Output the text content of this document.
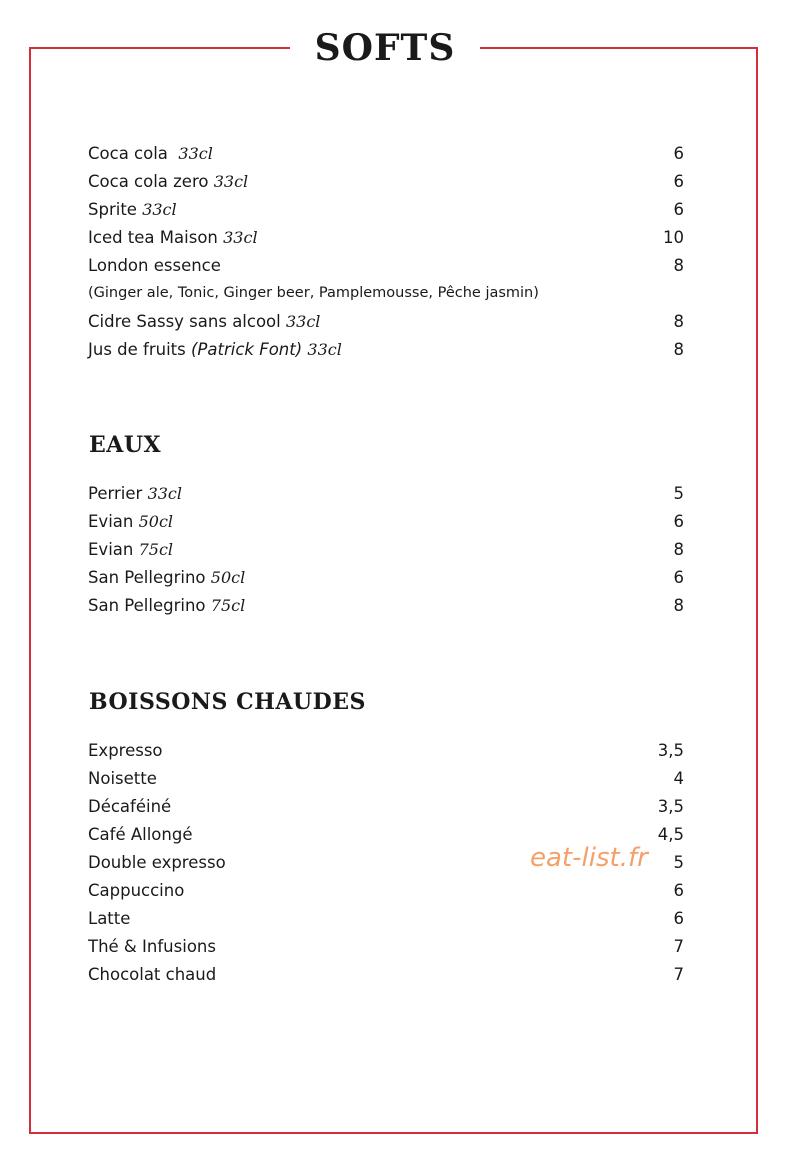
SOFTS
Coca cola 33cl	6
Coca cola zero 33cl	6
Sprite 33cl	6
Iced tea Maison 33cl	10
London essence	8
(Ginger ale, Tonic, Ginger beer, Pamplemousse, Pêche jasmin)
Cidre Sassy sans alcool 33cl	8
Jus de fruits (Patrick Font) 33cl	8
EAUX
Perrier 33cl	5
Evian 50cl	6
Evian 75cl	8
San Pellegrino 50cl	6
San Pellegrino 75cl	8
BOISSONS CHAUDES
Expresso	3,5
Noisette	4
Décaféiné	3,5
Café Allongé	4,5
Double expresso	5
Cappuccino	6
Latte	6
Thé & Infusions	7
Chocolat chaud	7
eat-list.fr
